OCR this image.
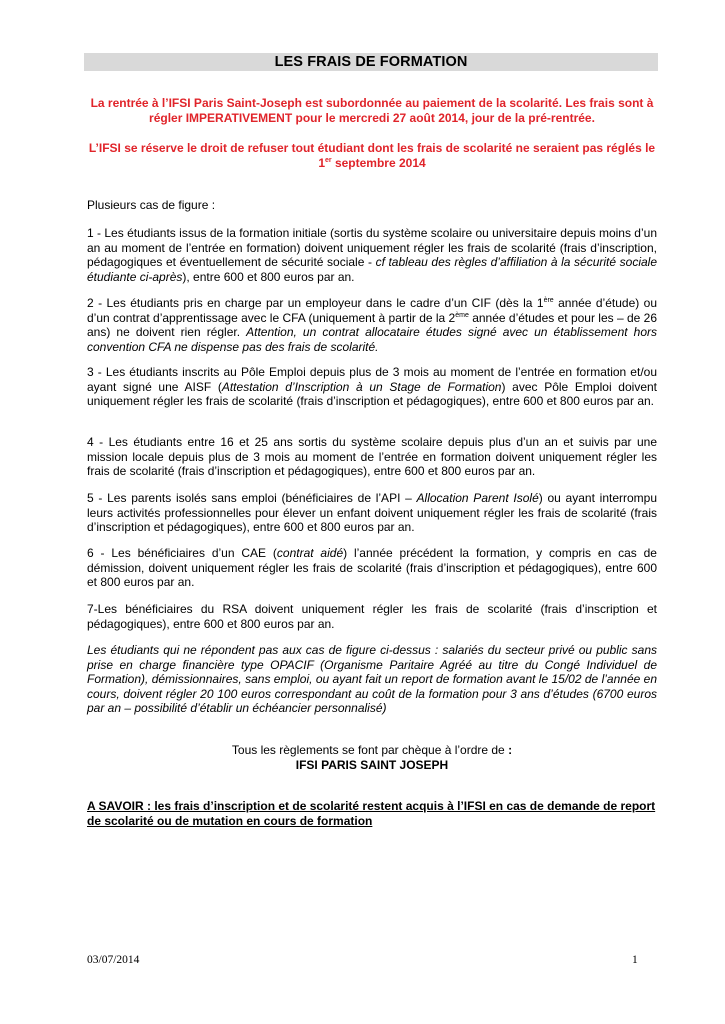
LES FRAIS DE FORMATION
La rentrée à l’IFSI Paris Saint-Joseph est subordonnée au paiement de la scolarité. Les frais sont à régler IMPERATIVEMENT pour le mercredi 27 août 2014, jour de la pré-rentrée.
L’IFSI se réserve le droit de refuser tout étudiant dont les frais de scolarité ne seraient pas réglés le 1er septembre 2014
Plusieurs cas de figure :
1 - Les étudiants issus de la formation initiale (sortis du système scolaire ou universitaire depuis moins d’un an au moment de l’entrée en formation) doivent uniquement régler les frais de scolarité (frais d’inscription, pédagogiques et éventuellement de sécurité sociale - cf tableau des règles d’affiliation à la sécurité sociale étudiante ci-après), entre 600 et 800 euros par an.
2 - Les étudiants pris en charge par un employeur dans le cadre d’un CIF (dès la 1ère année d’étude) ou d’un contrat d’apprentissage avec le CFA (uniquement à partir de la 2ème année d’études et pour les – de 26 ans) ne doivent rien régler. Attention, un contrat allocataire études signé avec un établissement hors convention CFA ne dispense pas des frais de scolarité.
3 - Les étudiants inscrits au Pôle Emploi depuis plus de 3 mois au moment de l’entrée en formation et/ou ayant signé une AISF (Attestation d’Inscription à un Stage de Formation) avec Pôle Emploi doivent uniquement régler les frais de scolarité (frais d’inscription et pédagogiques), entre 600 et 800 euros par an.
4 - Les étudiants entre 16 et 25 ans sortis du système scolaire depuis plus d’un an et suivis par une mission locale depuis plus de 3 mois au moment de l’entrée en formation doivent uniquement régler les frais de scolarité (frais d’inscription et pédagogiques), entre 600 et 800 euros par an.
5 - Les parents isolés sans emploi (bénéficiaires de l’API – Allocation Parent Isolé) ou ayant interrompu leurs activités professionnelles pour élever un enfant doivent uniquement régler les frais de scolarité (frais d’inscription et pédagogiques), entre 600 et 800 euros par an.
6 - Les bénéficiaires d’un CAE (contrat aidé) l’année précédent la formation, y compris en cas de démission, doivent uniquement régler les frais de scolarité (frais d’inscription et pédagogiques), entre 600 et 800 euros par an.
7-Les bénéficiaires du RSA doivent uniquement régler les frais de scolarité (frais d’inscription et pédagogiques), entre 600 et 800 euros par an.
Les étudiants qui ne répondent pas aux cas de figure ci-dessus : salariés du secteur privé ou public sans prise en charge financière type OPACIF (Organisme Paritaire Agréé au titre du Congé Individuel de Formation), démissionnaires, sans emploi, ou ayant fait un report de formation avant le 15/02 de l’année en cours, doivent régler 20 100 euros correspondant au coût de la formation pour 3 ans d’études (6700 euros par an – possibilité d’établir un échéancier personnalisé)
Tous les règlements se font par chèque à l’ordre de :
IFSI PARIS SAINT JOSEPH
A SAVOIR : les frais d’inscription et de scolarité restent acquis à l’IFSI en cas de demande de report de scolarité ou de mutation en cours de formation
03/07/2014	1
